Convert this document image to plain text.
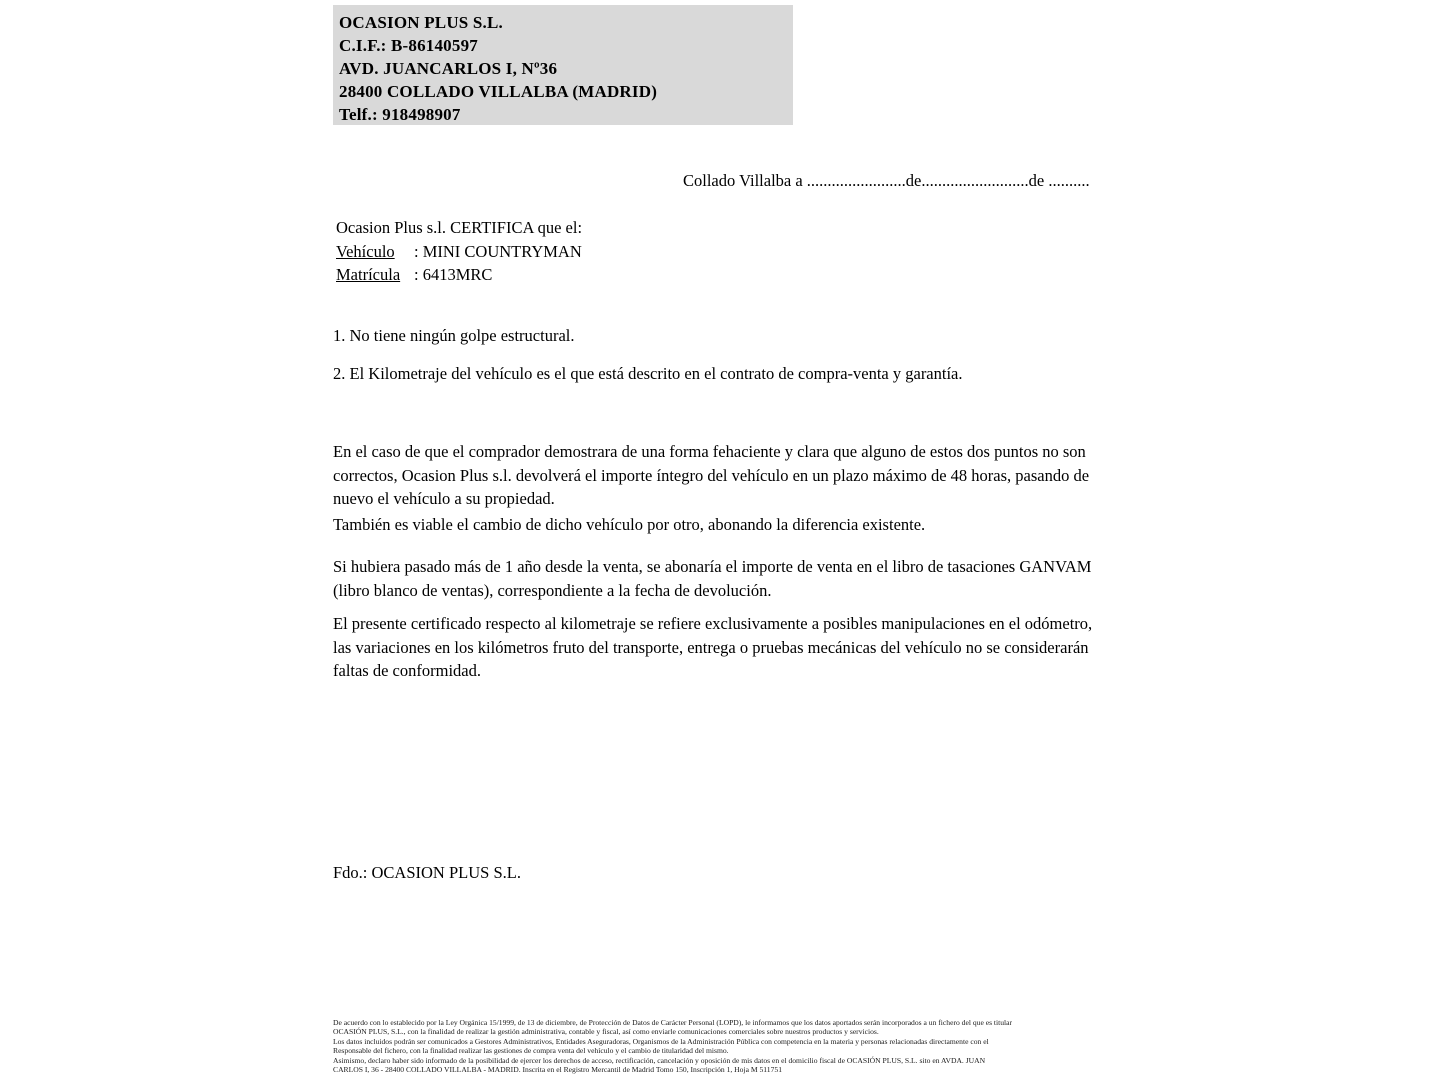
OCASION PLUS S.L.
C.I.F.: B-86140597
AVD. JUANCARLOS I, Nº36
28400 COLLADO VILLALBA (MADRID)
Telf.: 918498907
Collado Villalba a ........................de..........................de ..........
Ocasion Plus s.l. CERTIFICA que el:
Vehículo : MINI COUNTRYMAN
Matrícula : 6413MRC
1. No tiene ningún golpe estructural.
2. El Kilometraje del vehículo es el que está descrito en el contrato de compra-venta y garantía.
En el caso de que el comprador demostrara de una forma fehaciente y clara que alguno de estos dos puntos no son correctos, Ocasion Plus s.l. devolverá el importe íntegro del vehículo en un plazo máximo de 48 horas, pasando de nuevo el vehículo a su propiedad.
También es viable el cambio de dicho vehículo por otro, abonando la diferencia existente.
Si hubiera pasado más de 1 año desde la venta, se abonaría el importe de venta en el libro de tasaciones GANVAM (libro blanco de ventas), correspondiente a la fecha de devolución.
El presente certificado respecto al kilometraje se refiere exclusivamente a posibles manipulaciones en el odómetro, las variaciones en los kilómetros fruto del transporte, entrega o pruebas mecánicas del vehículo no se considerarán faltas de conformidad.
Fdo.: OCASION PLUS S.L.
De acuerdo con lo establecido por la Ley Orgánica 15/1999, de 13 de diciembre, de Protección de Datos de Carácter Personal (LOPD), le informamos que los datos aportados serán incorporados a un fichero del que es titular
OCASIÓN PLUS, S.L., con la finalidad de realizar la gestión administrativa, contable y fiscal, así como enviarle comunicaciones comerciales sobre nuestros productos y servicios.
Los datos incluidos podrán ser comunicados a Gestores Administrativos, Entidades Aseguradoras, Organismos de la Administración Pública con competencia en la materia y personas relacionadas directamente con el
Responsable del fichero, con la finalidad realizar las gestiones de compra venta del vehículo y el cambio de titularidad del mismo.
Asimismo, declaro haber sido informado de la posibilidad de ejercer los derechos de acceso, rectificación, cancelación y oposición de mis datos en el domicilio fiscal de OCASIÓN PLUS, S.L. sito en AVDA. JUAN
CARLOS I, 36 - 28400 COLLADO VILLALBA - MADRID. Inscrita en el Registro Mercantil de Madrid Tomo 150, Inscripción 1, Hoja M 511751
